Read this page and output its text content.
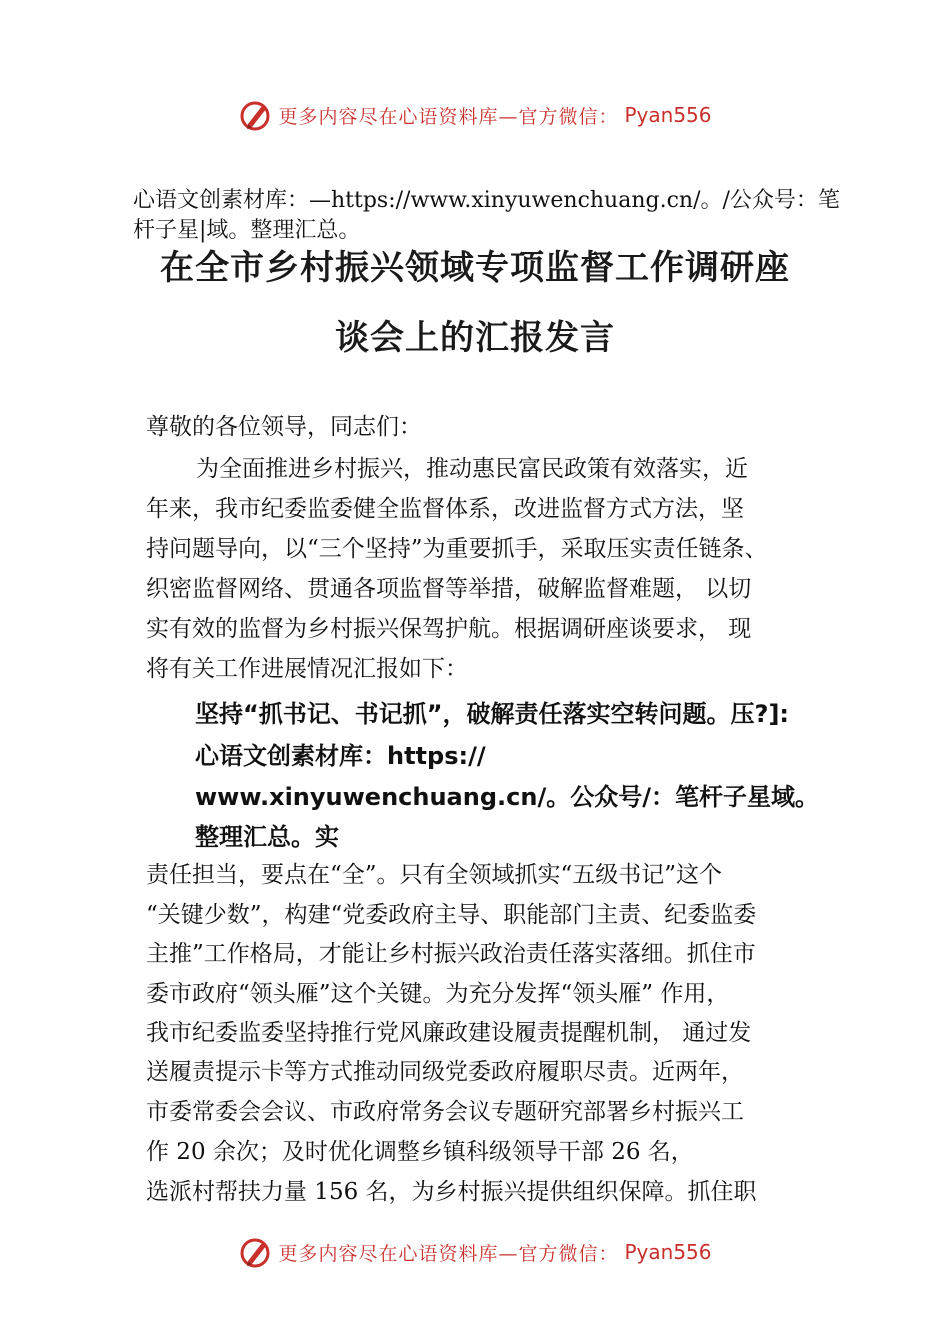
更多内容尽在心语资料库—官方微信： Pyan556
心语文创素材库：—https://www.xinyuwenchuang.cn/。/公众号：笔杆子星|域。整理汇总。
在全市乡村振兴领域专项监督工作调研座
谈会上的汇报发言
尊敬的各位领导，同志们：
为全面推进乡村振兴，推动惠民富民政策有效落实，近
年来，我市纪委监委健全监督体系，改进监督方式方法，坚
持问题导向，以“三个坚持”为重要抓手，采取压实责任链条、
织密监督网络、贯通各项监督等举措，破解监督难题， 以切
实有效的监督为乡村振兴保驾护航。根据调研座谈要求， 现
将有关工作进展情况汇报如下：
坚持“抓书记、书记抓”，破解责任落实空转问题。压?]:
心语文创素材库：https://
www.xinyuwenchuang.cn/。公众号/：笔杆子星域。
整理汇总。实
责任担当，要点在“全”。只有全领域抓实“五级书记”这个
“关键少数”，构建“党委政府主导、职能部门主责、纪委监委
主推”工作格局，才能让乡村振兴政治责任落实落细。抓住市
委市政府“领头雁”这个关键。为充分发挥“领头雁” 作用，
我市纪委监委坚持推行党风廉政建设履责提醒机制， 通过发
送履责提示卡等方式推动同级党委政府履职尽责。近两年，
市委常委会会议、市政府常务会议专题研究部署乡村振兴工
作 20 余次；及时优化调整乡镇科级领导干部 26 名，
选派村帮扶力量 156 名，为乡村振兴提供组织保障。抓住职
更多内容尽在心语资料库—官方微信： Pyan556
